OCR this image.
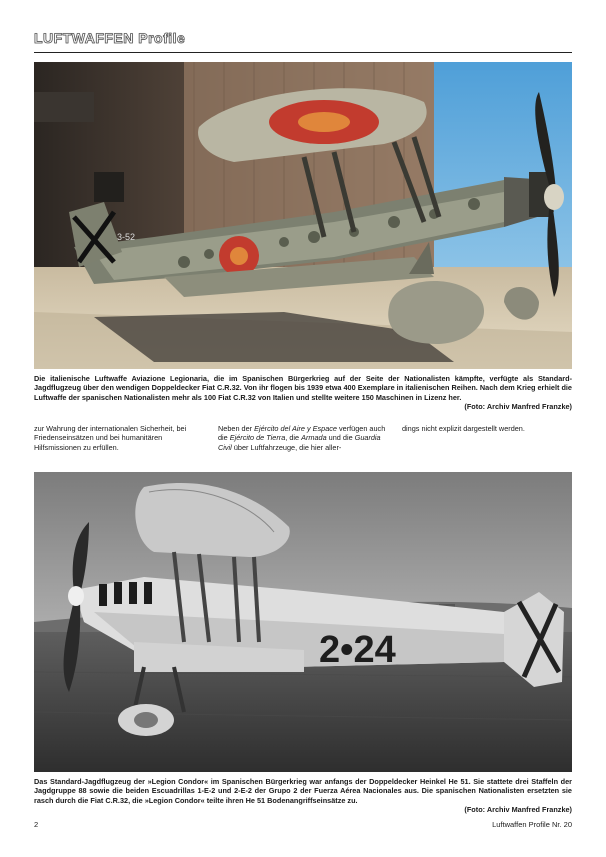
LUFTWAFFEN Profile
3-52
Die italienische Luftwaffe Aviazione Legionaria, die im Spanischen Bürgerkrieg auf der Seite der Nationalisten kämpfte, verfügte als Standard-Jagdflugzeug über den wendigen Doppeldecker Fiat C.R.32. Von ihr flogen bis 1939 etwa 400 Exemplare in italienischen Reihen. Nach dem Krieg erhielt die Luftwaffe der spanischen Nationalisten mehr als 100 Fiat C.R.32 von Italien und stellte weitere 150 Maschinen in Lizenz her.
(Foto: Archiv Manfred Franzke)
zur Wahrung der internationalen Sicherheit, bei Friedenseinsätzen und bei humanitären Hilfsmissionen zu erfüllen.
Neben der Ejército del Aire y Espace verfügen auch die Ejército de Tierra, die Armada und die Guardia Civil über Luftfahrzeuge, die hier aller-
dings nicht explizit dargestellt werden.
2•24
Das Standard-Jagdflugzeug der »Legion Condor« im Spanischen Bürgerkrieg war anfangs der Doppeldecker Heinkel He 51. Sie stattete drei Staffeln der Jagdgruppe 88 sowie die beiden Escuadrillas 1-E-2 und 2-E-2 der Grupo 2 der Fuerza Aérea Nacionales aus. Die spanischen Nationalisten ersetzten sie rasch durch die Fiat C.R.32, die »Legion Condor« teilte ihren He 51 Bodenangriffseinsätze zu.
(Foto: Archiv Manfred Franzke)
2	Luftwaffen Profile Nr. 20
